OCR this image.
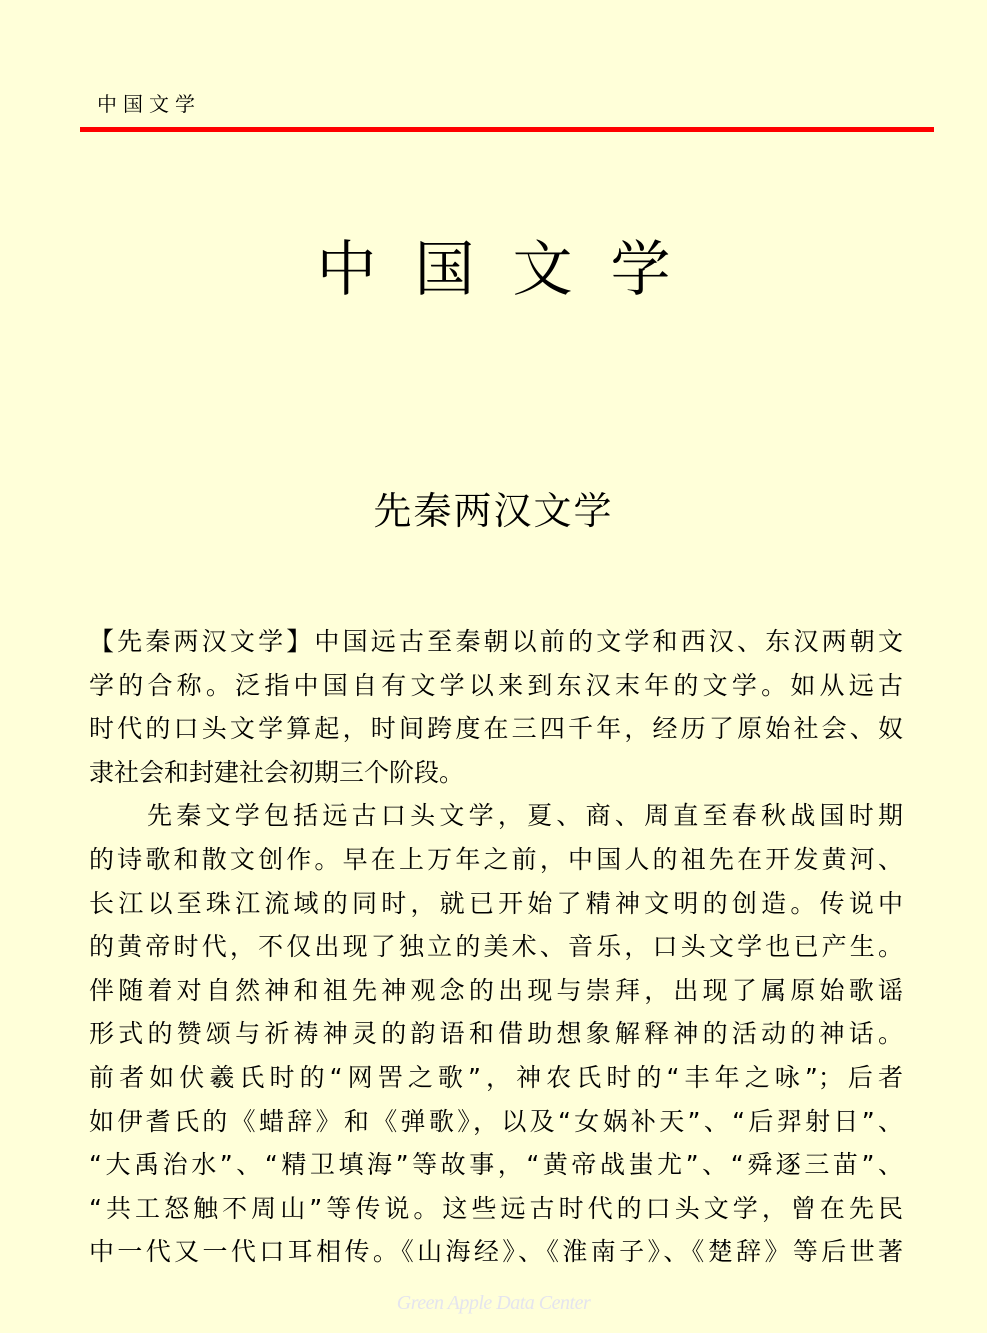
中国文学
中国文学
先秦两汉文学
【先秦两汉文学】中国远古至秦朝以前的文学和西汉、东汉两朝文
学的合称。泛指中国自有文学以来到东汉末年的文学。如从远古
时代的口头文学算起，时间跨度在三四千年，经历了原始社会、奴
隶社会和封建社会初期三个阶段。
先秦文学包括远古口头文学，夏、商、周直至春秋战国时期
的诗歌和散文创作。早在上万年之前，中国人的祖先在开发黄河、
长江以至珠江流域的同时，就已开始了精神文明的创造。传说中
的黄帝时代，不仅出现了独立的美术、音乐，口头文学也已产生。
伴随着对自然神和祖先神观念的出现与崇拜，出现了属原始歌谣
形式的赞颂与祈祷神灵的韵语和借助想象解释神的活动的神话。
前者如伏羲氏时的“网罟之歌”，神农氏时的“丰年之咏”；后者
如伊耆氏的《蜡辞》和《弹歌》，以及“女娲补天”、“后羿射日”、
“大禹治水”、“精卫填海”等故事，“黄帝战蚩尤”、“舜逐三苗”、
“共工怒触不周山”等传说。这些远古时代的口头文学，曾在先民
中一代又一代口耳相传。《山海经》、《淮南子》、《楚辞》等后世著
Green Apple Data Center
